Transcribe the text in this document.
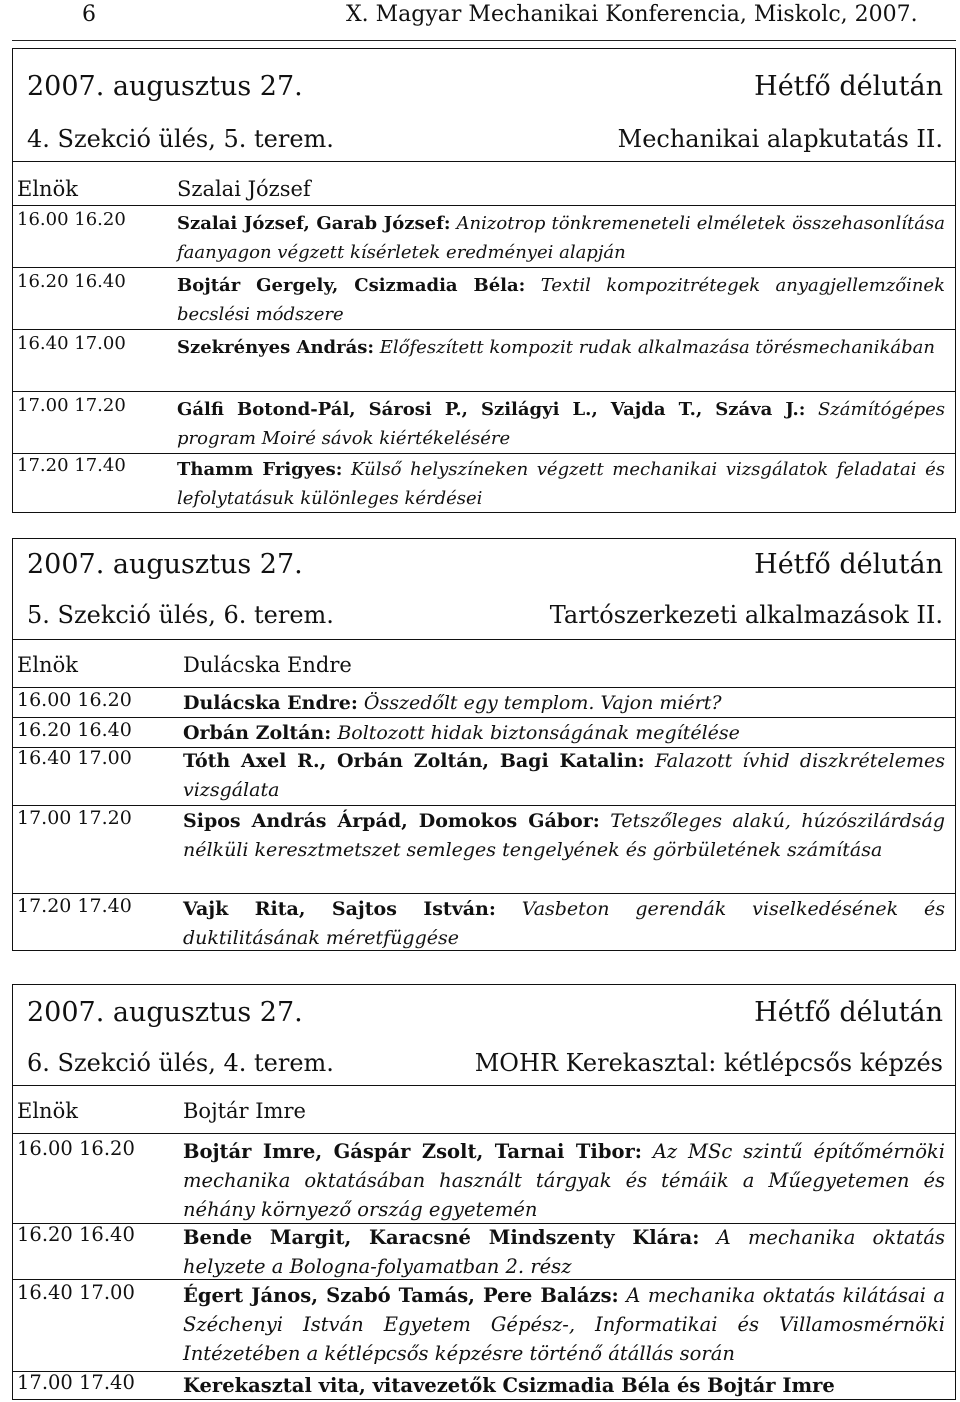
6	X. Magyar Mechanikai Konferencia, Miskolc, 2007.
2007. augusztus 27.	Hétfő délután
4. Szekció ülés, 5. terem.	Mechanikai alapkutatás II.
Elnök	Szalai József
16.00 16.20	Szalai József, Garab József: Anizotrop tönkremeneteli elméletek összehasonlítása faanyagon végzett kísérletek eredményei alapján
16.20 16.40	Bojtár Gergely, Csizmadia Béla: Textil kompozitrétegek anyagjellemzőinek becslési módszere
16.40 17.00	Szekrényes András: Előfeszített kompozit rudak alkalmazása törésmechanikában
17.00 17.20	Gálfi Botond-Pál, Sárosi P., Szilágyi L., Vajda T., Száva J.: Számítógépes program Moiré sávok kiértékelésére
17.20 17.40	Thamm Frigyes: Külső helyszíneken végzett mechanikai vizsgálatok feladatai és lefolytatásuk különleges kérdései
2007. augusztus 27.	Hétfő délután
5. Szekció ülés, 6. terem.	Tartószerkezeti alkalmazások II.
Elnök	Dulácska Endre
16.00 16.20	Dulácska Endre: Összedőlt egy templom. Vajon miért?
16.20 16.40	Orbán Zoltán: Boltozott hidak biztonságának megítélése
16.40 17.00	Tóth Axel R., Orbán Zoltán, Bagi Katalin: Falazott ívhid diszkrételemes vizsgálata
17.00 17.20	Sipos András Árpád, Domokos Gábor: Tetszőleges alakú, húzószilárdság nélküli keresztmetszet semleges tengelyének és görbületének számítása
17.20 17.40	Vajk Rita, Sajtos István: Vasbeton gerendák viselkedésének és duktilitásának méretfüggése
2007. augusztus 27.	Hétfő délután
6. Szekció ülés, 4. terem.	MOHR Kerekasztal: kétlépcsős képzés
Elnök	Bojtár Imre
16.00 16.20 Bojtár Imre, Gáspár Zsolt, Tarnai Tibor: Az MSc szintű építőmérnöki mechanika oktatásában használt tárgyak és témáik a Műegyetemen és néhány környező ország egyetemén
16.20 16.40 Bende Margit, Karacsné Mindszenty Klára: A mechanika oktatás helyzete a Bologna-folyamatban 2. rész
16.40 17.00 Égert János, Szabó Tamás, Pere Balázs: A mechanika oktatás kilátásai a Széchenyi István Egyetem Gépész-, Informatikai és Villamosmérnöki Intézetében a kétlépcsős képzésre történő átállás során
17.00 17.40 Kerekasztal vita, vitavezetők Csizmadia Béla és Bojtár Imre
